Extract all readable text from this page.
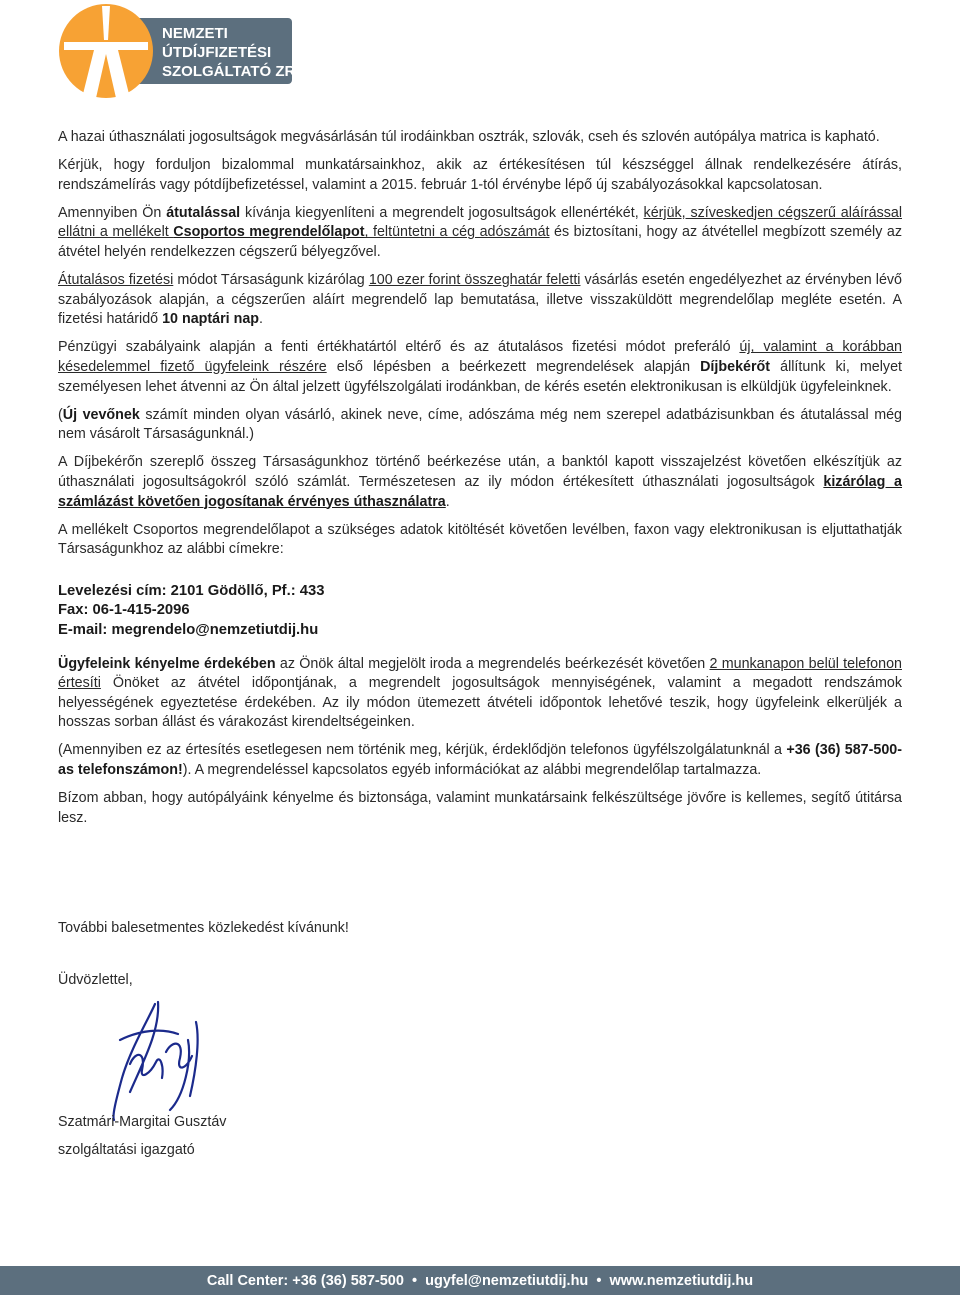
NEMZETI
ÚTDÍJFIZETÉSI
SZOLGÁLTATÓ ZRT.

A hazai úthasználati jogosultságok megvásárlásán túl irodáinkban osztrák, szlovák, cseh és szlovén autópálya matrica is kapható.

Kérjük, hogy forduljon bizalommal munkatársainkhoz, akik az értékesítésen túl készséggel állnak rendelkezésére átírás, rendszámelírás vagy pótdíjbefizetéssel, valamint a 2015. február 1-tól érvénybe lépő új szabályozásokkal kapcsolatosan.

Amennyiben Ön átutalással kívánja kiegyenlíteni a megrendelt jogosultságok ellenértékét, kérjük, szíveskedjen cégszerű aláírással ellátni a mellékelt Csoportos megrendelőlapot, feltüntetni a cég adószámát és biztosítani, hogy az átvétellel megbízott személy az átvétel helyén rendelkezzen cégszerű bélyegzővel.

Átutalásos fizetési módot Társaságunk kizárólag 100 ezer forint összeghatár feletti vásárlás esetén engedélyezhet az érvényben lévő szabályozások alapján, a cégszerűen aláírt megrendelő lap bemutatása, illetve visszaküldött megrendelőlap megléte esetén. A fizetési határidő 10 naptári nap.

Pénzügyi szabályaink alapján a fenti értékhatártól eltérő és az átutalásos fizetési módot preferáló új, valamint a korábban késedelemmel fizető ügyfeleink részére első lépésben a beérkezett megrendelések alapján Díjbekérőt állítunk ki, melyet személyesen lehet átvenni az Ön által jelzett ügyfélszolgálati irodánkban, de kérés esetén elektronikusan is elküldjük ügyfeleinknek.

(Új vevőnek számít minden olyan vásárló, akinek neve, címe, adószáma még nem szerepel adatbázisunkban és átutalással még nem vásárolt Társaságunknál.)

A Díjbekérőn szereplő összeg Társaságunkhoz történő beérkezése után, a banktól kapott visszajelzést követően elkészítjük az úthasználati jogosultságokról szóló számlát. Természetesen az ily módon értékesített úthasználati jogosultságok kizárólag a számlázást követően jogosítanak érvényes úthasználatra.

A mellékelt Csoportos megrendelőlapot a szükséges adatok kitöltését követően levélben, faxon vagy elektronikusan is eljuttathatják Társaságunkhoz az alábbi címekre:

Levelezési cím: 2101 Gödöllő, Pf.: 433
Fax: 06-1-415-2096
E-mail: megrendelo@nemzetiutdij.hu

Ügyfeleink kényelme érdekében az Önök által megjelölt iroda a megrendelés beérkezését követően 2 munkanapon belül telefonon értesíti Önöket az átvétel időpontjának, a megrendelt jogosultságok mennyiségének, valamint a megadott rendszámok helyességének egyeztetése érdekében. Az ily módon ütemezett átvételi időpontok lehetővé teszik, hogy ügyfeleink elkerüljék a hosszas sorban állást és várakozást kirendeltségeinken.

(Amennyiben ez az értesítés esetlegesen nem történik meg, kérjük, érdeklődjön telefonos ügyfélszolgálatunknál a +36 (36) 587-500-as telefonszámon!). A megrendeléssel kapcsolatos egyéb információkat az alábbi megrendelőlap tartalmazza.

Bízom abban, hogy autópályáink kényelme és biztonsága, valamint munkatársaink felkészültsége jövőre is kellemes, segítő útitársa lesz.

További balesetmentes közlekedést kívánunk!
Üdvözlettel,
Szatmári-Margitai Gusztáv
szolgáltatási igazgató
Call Center: +36 (36) 587-500 • ugyfel@nemzetiutdij.hu • www.nemzetiutdij.hu
